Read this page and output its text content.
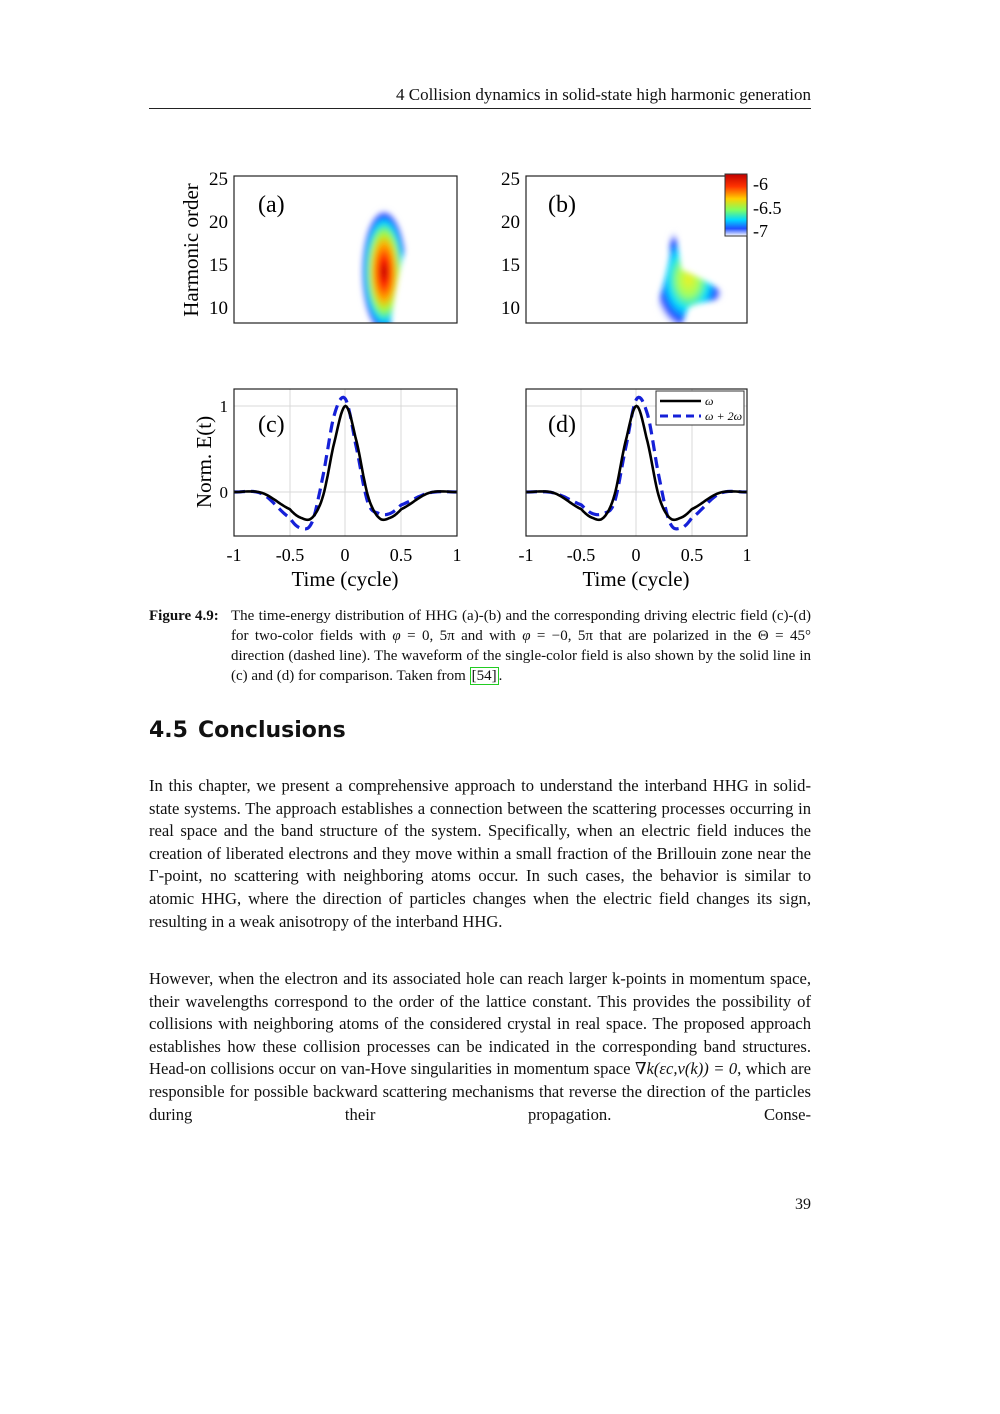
4 Collision dynamics in solid-state high harmonic generation
25
20
15
10
(a)
Harmonic order
25
20
15
10
(b)
-6
-6.5
-7
1
0
(c)
Norm. E(t)
-1 -0.5 0 0.5 1
Time (cycle)
(d)
ω
ω + 2ω
-1 -0.5 0 0.5 1
Time (cycle)
Figure 4.9: The time-energy distribution of HHG (a)-(b) and the corresponding driving electric field (c)-(d) for two-color fields with φ = 0, 5π and with φ = −0, 5π that are polarized in the Θ = 45° direction (dashed line). The waveform of the single-color field is also shown by the solid line in (c) and (d) for comparison. Taken from [54] .
4.5 Conclusions

In this chapter, we present a comprehensive approach to understand the interband HHG in solid-state systems. The approach establishes a connection between the scattering processes occurring in real space and the band structure of the system. Specifically, when an electric field induces the creation of liberated electrons and they move within a small fraction of the Brillouin zone near the Γ-point, no scattering with neighboring atoms occur. In such cases, the behavior is similar to atomic HHG, where the direction of particles changes when the electric field changes its sign, resulting in a weak anisotropy of the interband HHG.

However, when the electron and its associated hole can reach larger k-points in momentum space, their wavelengths correspond to the order of the lattice constant. This provides the possibility of collisions with neighboring atoms of the considered crystal in real space. The proposed approach establishes how these collision processes can be indicated in the corresponding band structures. Head-on collisions occur on van-Hove singularities in momentum space ∇k(εc,v(k)) = 0, which are responsible for possible backward scattering mechanisms that reverse the direction of the particles during their propagation. Conse-

39
